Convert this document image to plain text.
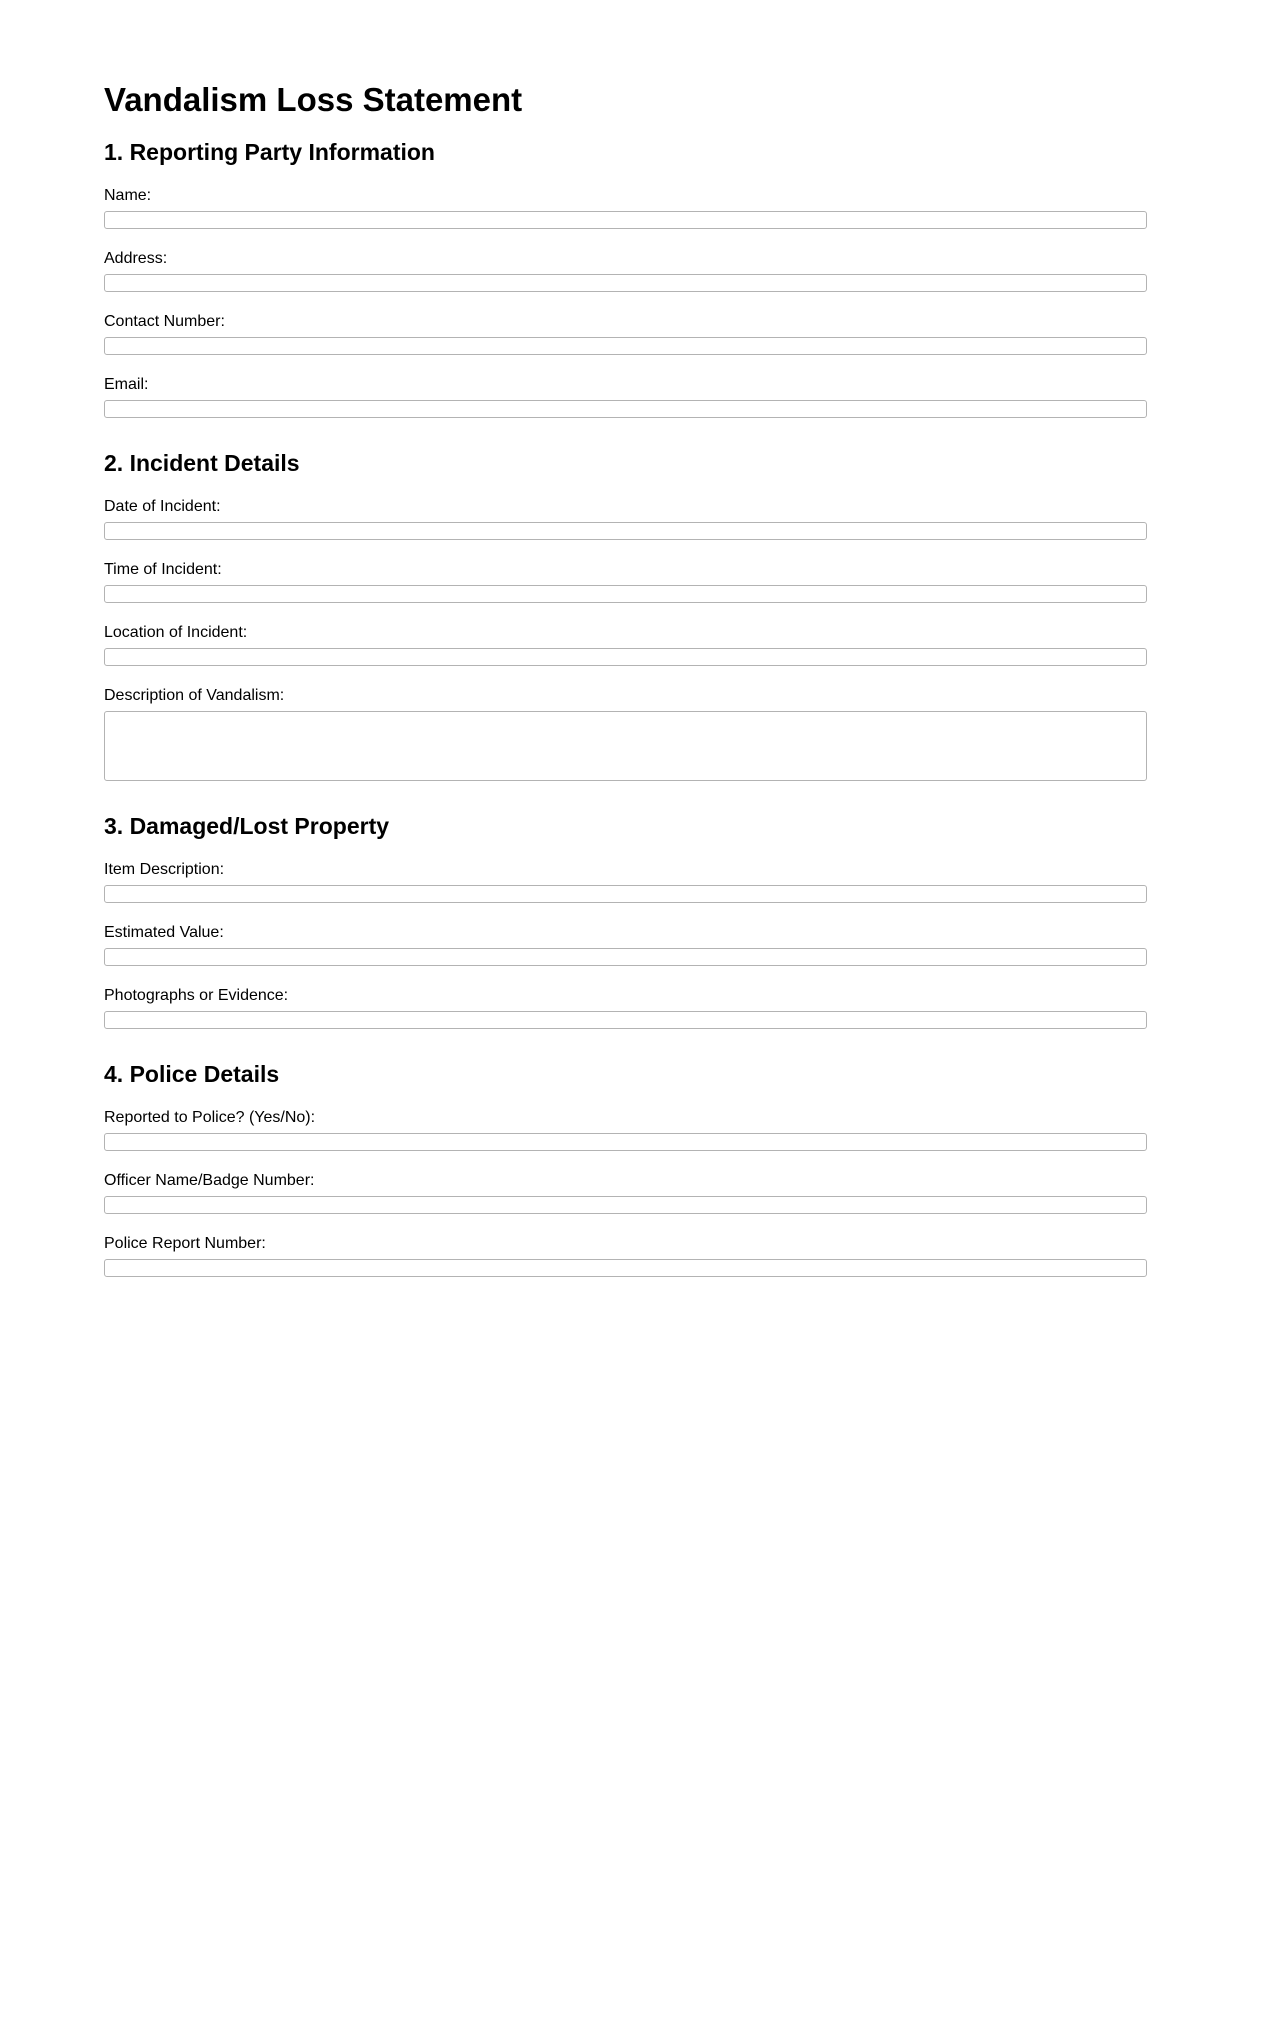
Vandalism Loss Statement
1. Reporting Party Information
Name:
Address:
Contact Number:
Email:
2. Incident Details
Date of Incident:
Time of Incident:
Location of Incident:
Description of Vandalism:
3. Damaged/Lost Property
Item Description:
Estimated Value:
Photographs or Evidence:
4. Police Details
Reported to Police? (Yes/No):
Officer Name/Badge Number:
Police Report Number:
